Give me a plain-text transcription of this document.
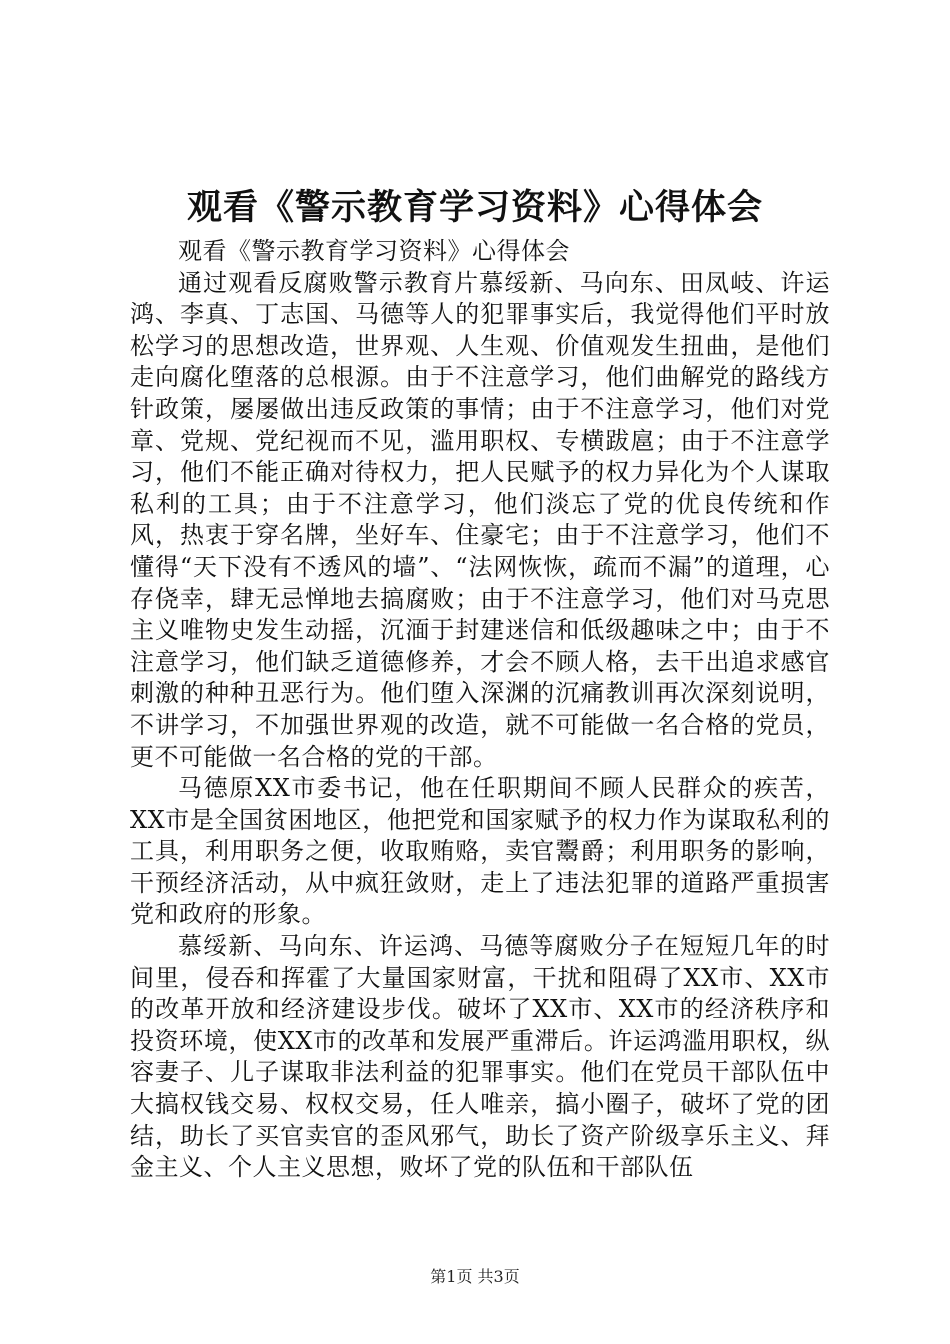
观看《警示教育学习资料》心得体会

观看《警示教育学习资料》心得体会

通过观看反腐败警示教育片慕绥新、马向东、田凤岐、许运鸿、李真、丁志国、马德等人的犯罪事实后，我觉得他们平时放松学习的思想改造，世界观、人生观、价值观发生扭曲，是他们走向腐化堕落的总根源。由于不注意学习，他们曲解党的路线方针政策，屡屡做出违反政策的事情；由于不注意学习，他们对党章、党规、党纪视而不见，滥用职权、专横跋扈；由于不注意学习，他们不能正确对待权力，把人民赋予的权力异化为个人谋取私利的工具；由于不注意学习，他们淡忘了党的优良传统和作风，热衷于穿名牌，坐好车、住豪宅；由于不注意学习，他们不懂得“天下没有不透风的墙”、“法网恢恢，疏而不漏”的道理，心存侥幸，肆无忌惮地去搞腐败；由于不注意学习，他们对马克思主义唯物史发生动摇，沉湎于封建迷信和低级趣味之中；由于不注意学习，他们缺乏道德修养，才会不顾人格，去干出追求感官刺激的种种丑恶行为。他们堕入深渊的沉痛教训再次深刻说明，不讲学习，不加强世界观的改造，就不可能做一名合格的党员，更不可能做一名合格的党的干部。

马德原XX市委书记，他在任职期间不顾人民群众的疾苦，XX市是全国贫困地区，他把党和国家赋予的权力作为谋取私利的工具，利用职务之便，收取贿赂，卖官鬻爵；利用职务的影响，干预经济活动，从中疯狂敛财，走上了违法犯罪的道路严重损害党和政府的形象。

慕绥新、马向东、许运鸿、马德等腐败分子在短短几年的时间里，侵吞和挥霍了大量国家财富，干扰和阻碍了XX市、XX市的改革开放和经济建设步伐。破坏了XX市、XX市的经济秩序和投资环境，使XX市的改革和发展严重滞后。许运鸿滥用职权，纵容妻子、儿子谋取非法利益的犯罪事实。他们在党员干部队伍中大搞权钱交易、权权交易，任人唯亲，搞小圈子，破坏了党的团结，助长了买官卖官的歪风邪气，助长了资产阶级享乐主义、拜金主义、个人主义思想，败坏了党的队伍和干部队伍

第1页 共3页
